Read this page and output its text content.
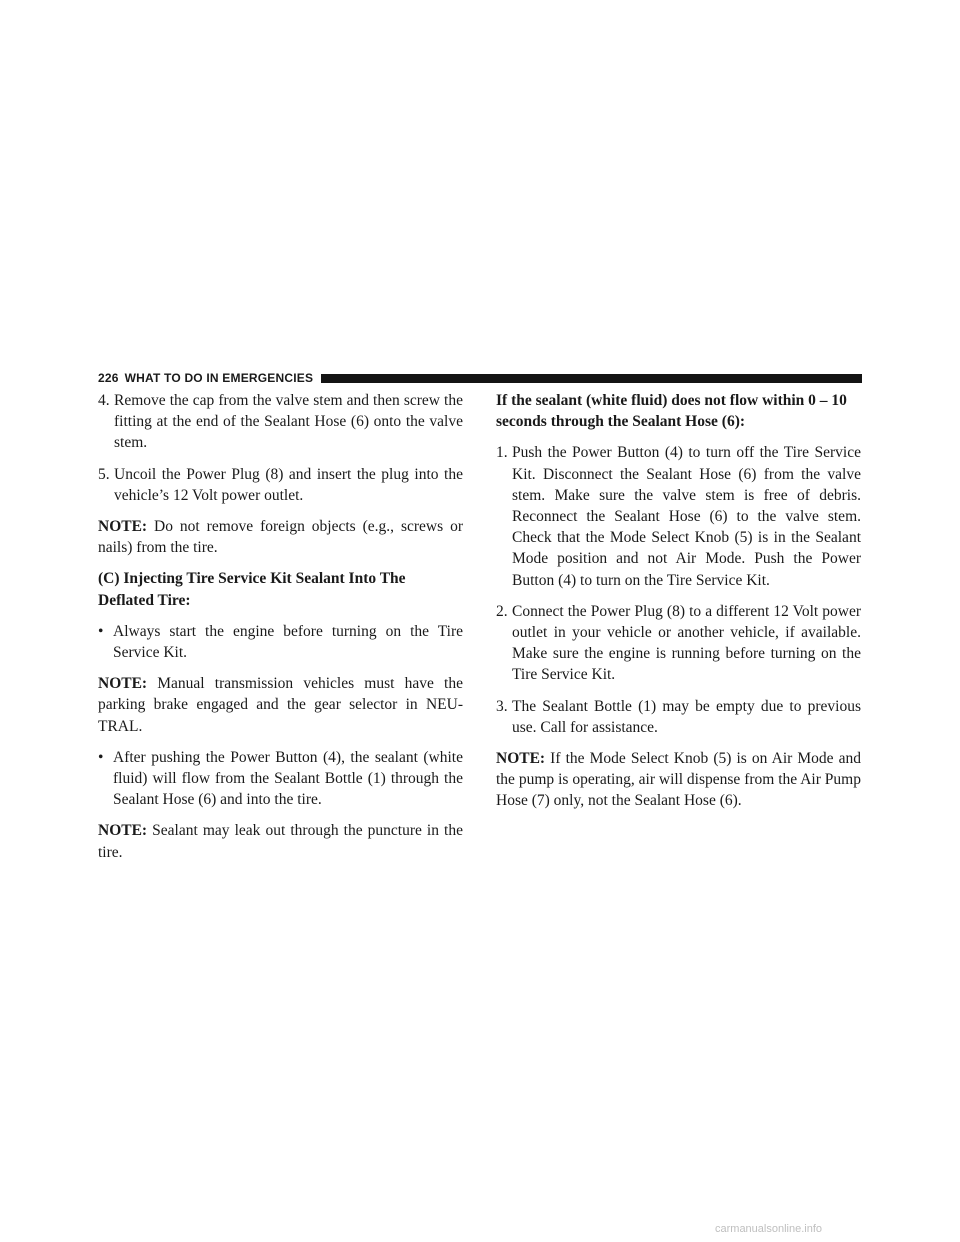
226 WHAT TO DO IN EMERGENCIES
4. Remove the cap from the valve stem and then screw the fitting at the end of the Sealant Hose (6) onto the valve stem.
5. Uncoil the Power Plug (8) and insert the plug into the vehicle’s 12 Volt power outlet.

NOTE: Do not remove foreign objects (e.g., screws or nails) from the tire.

(C) Injecting Tire Service Kit Sealant Into The Deflated Tire:

• Always start the engine before turning on the Tire Service Kit.

NOTE: Manual transmission vehicles must have the parking brake engaged and the gear selector in NEU-TRAL.

• After pushing the Power Button (4), the sealant (white fluid) will flow from the Sealant Bottle (1) through the Sealant Hose (6) and into the tire.

NOTE: Sealant may leak out through the puncture in the tire.

If the sealant (white fluid) does not flow within 0 – 10 seconds through the Sealant Hose (6):

1. Push the Power Button (4) to turn off the Tire Service Kit. Disconnect the Sealant Hose (6) from the valve stem. Make sure the valve stem is free of debris. Reconnect the Sealant Hose (6) to the valve stem. Check that the Mode Select Knob (5) is in the Sealant Mode position and not Air Mode. Push the Power Button (4) to turn on the Tire Service Kit.
2. Connect the Power Plug (8) to a different 12 Volt power outlet in your vehicle or another vehicle, if available. Make sure the engine is running before turning on the Tire Service Kit.
3. The Sealant Bottle (1) may be empty due to previous use. Call for assistance.

NOTE: If the Mode Select Knob (5) is on Air Mode and the pump is operating, air will dispense from the Air Pump Hose (7) only, not the Sealant Hose (6).

carmanualsonline.info
